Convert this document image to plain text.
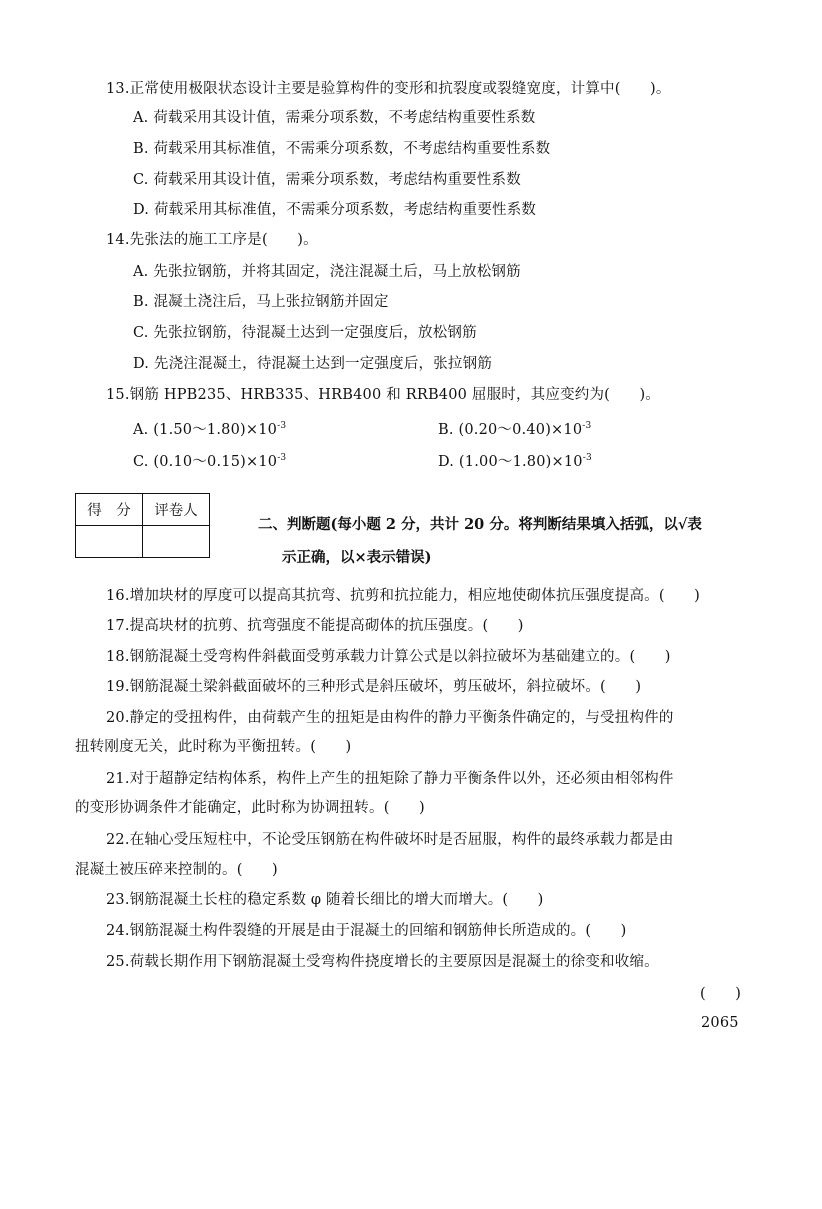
13.正常使用极限状态设计主要是验算构件的变形和抗裂度或裂缝宽度，计算中(　　)。
A. 荷载采用其设计值，需乘分项系数，不考虑结构重要性系数
B. 荷载采用其标准值，不需乘分项系数，不考虑结构重要性系数
C. 荷载采用其设计值，需乘分项系数，考虑结构重要性系数
D. 荷载采用其标准值，不需乘分项系数，考虑结构重要性系数
14.先张法的施工工序是(　　)。
A. 先张拉钢筋，并将其固定，浇注混凝土后，马上放松钢筋
B. 混凝土浇注后，马上张拉钢筋并固定
C. 先张拉钢筋，待混凝土达到一定强度后，放松钢筋
D. 先浇注混凝土，待混凝土达到一定强度后，张拉钢筋
15.钢筋 HPB235、HRB335、HRB400 和 RRB400 屈服时，其应变约为(　　)。
A. $(1.50\sim 1.80)\times 10^{-3}$	B. $(0.20\sim 0.40)\times 10^{-3}$
C. $(0.10\sim 0.15)\times 10^{-3}$	D. $(1.00\sim 1.80)\times 10^{-3}$
得　分	评卷人

二、判断题(每小题 2 分，共计 20 分。将判断结果填入括弧，以√表
示正确，以×表示错误)
16.增加块材的厚度可以提高其抗弯、抗剪和抗拉能力，相应地使砌体抗压强度提高。(　　)
17.提高块材的抗剪、抗弯强度不能提高砌体的抗压强度。(　　)
18.钢筋混凝土受弯构件斜截面受剪承载力计算公式是以斜拉破坏为基础建立的。(　　)
19.钢筋混凝土梁斜截面破坏的三种形式是斜压破坏，剪压破坏，斜拉破坏。(　　)
20.静定的受扭构件，由荷载产生的扭矩是由构件的静力平衡条件确定的，与受扭构件的
扭转刚度无关，此时称为平衡扭转。(　　)
21.对于超静定结构体系，构件上产生的扭矩除了静力平衡条件以外，还必须由相邻构件
的变形协调条件才能确定，此时称为协调扭转。(　　)
22.在轴心受压短柱中，不论受压钢筋在构件破坏时是否屈服，构件的最终承载力都是由
混凝土被压碎来控制的。(　　)
23.钢筋混凝土长柱的稳定系数 φ 随着长细比的增大而增大。(　　)
24.钢筋混凝土构件裂缝的开展是由于混凝土的回缩和钢筋伸长所造成的。(　　)
25.荷载长期作用下钢筋混凝土受弯构件挠度增长的主要原因是混凝土的徐变和收缩。
(　　)
2065
